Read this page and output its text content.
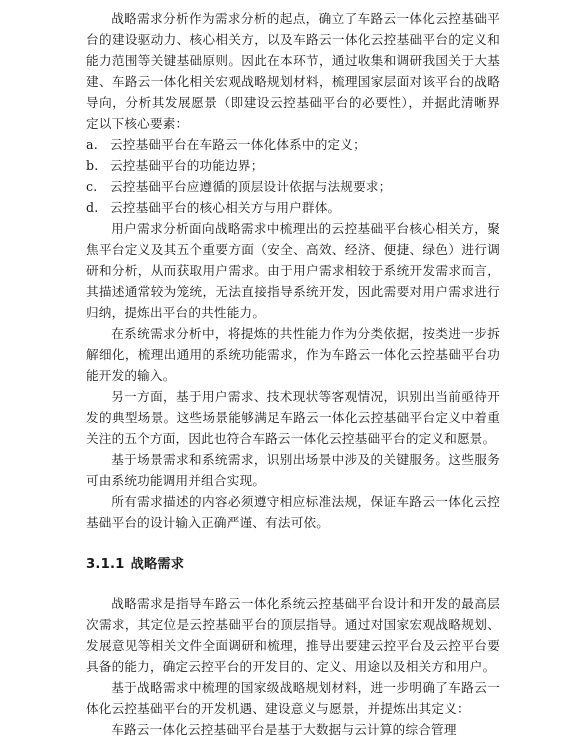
战略需求分析作为需求分析的起点，确立了车路云一体化云控基础平台的建设驱动力、核心相关方，以及车路云一体化云控基础平台的定义和能力范围等关键基础原则。因此在本环节，通过收集和调研我国关于大基建、车路云一体化相关宏观战略规划材料，梳理国家层面对该平台的战略导向，分析其发展愿景（即建设云控基础平台的必要性），并据此清晰界定以下核心要素：

a. 云控基础平台在车路云一体化体系中的定义；
b. 云控基础平台的功能边界；
c. 云控基础平台应遵循的顶层设计依据与法规要求；
d. 云控基础平台的核心相关方与用户群体。

用户需求分析面向战略需求中梳理出的云控基础平台核心相关方，聚焦平台定义及其五个重要方面（安全、高效、经济、便捷、绿色）进行调研和分析，从而获取用户需求。由于用户需求相较于系统开发需求而言，其描述通常较为笼统，无法直接指导系统开发，因此需要对用户需求进行归纳，提炼出平台的共性能力。

在系统需求分析中，将提炼的共性能力作为分类依据，按类进一步拆解细化，梳理出通用的系统功能需求，作为车路云一体化云控基础平台功能开发的输入。

另一方面，基于用户需求、技术现状等客观情况，识别出当前亟待开发的典型场景。这些场景能够满足车路云一体化云控基础平台定义中着重关注的五个方面，因此也符合车路云一体化云控基础平台的定义和愿景。

基于场景需求和系统需求，识别出场景中涉及的关键服务。这些服务可由系统功能调用并组合实现。

所有需求描述的内容必须遵守相应标准法规，保证车路云一体化云控基础平台的设计输入正确严谨、有法可依。

3.1.1 战略需求

战略需求是指导车路云一体化系统云控基础平台设计和开发的最高层次需求，其定位是云控基础平台的顶层指导。通过对国家宏观战略规划、发展意见等相关文件全面调研和梳理，推导出要建云控平台及云控平台要具备的能力，确定云控平台的开发目的、定义、用途以及相关方和用户。

基于战略需求中梳理的国家级战略规划材料，进一步明确了车路云一体化云控基础平台的开发机遇、建设意义与愿景，并提炼出其定义：

车路云一体化云控基础平台是基于大数据与云计算的综合管理
